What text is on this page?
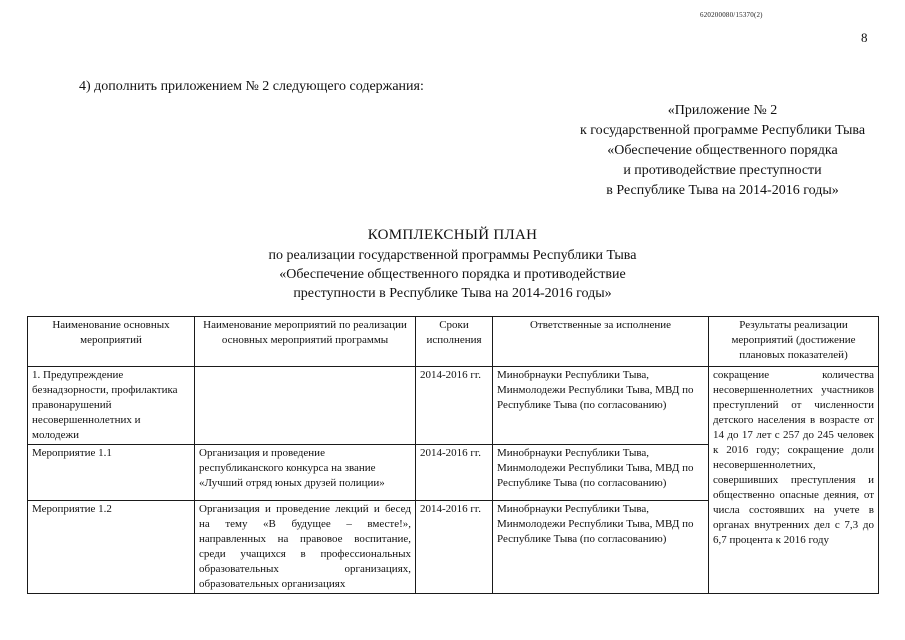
620200080/15370(2)
8
4) дополнить приложением № 2 следующего содержания:
«Приложение № 2
к государственной программе Республики Тыва
«Обеспечение общественного порядка
и противодействие преступности
в Республике Тыва на 2014-2016 годы»
КОМПЛЕКСНЫЙ ПЛАН
по реализации государственной программы Республики Тыва
«Обеспечение общественного порядка и противодействие
преступности в Республике Тыва на 2014-2016 годы»
Наименование основных мероприятий	Наименование мероприятий по реализации основных мероприятий программы	Сроки исполнения	Ответственные за исполнение	Результаты реализации мероприятий (достижение плановых показателей)
1. Предупреждение безнадзорности, профилактика правонарушений несовершеннолетних и молодежи		2014-2016 гг.	Минобрнауки Республики Тыва, Минмолодежи Республики Тыва, МВД по Республике Тыва (по согласованию)	сокращение количества несовершеннолетних участников преступлений от численности детского населения в возрасте от 14 до 17 лет с 257 до 245 человек к 2016 году; сокращение доли несовершеннолетних, совершивших преступления и общественно опасные деяния, от числа состоявших на учете в органах внутренних дел с 7,3 до 6,7 процента к 2016 году
Мероприятие 1.1	Организация и проведение республиканского конкурса на звание «Лучший отряд юных друзей полиции»	2014-2016 гг.	Минобрнауки Республики Тыва, Минмолодежи Республики Тыва, МВД по Республике Тыва (по согласованию)	
Мероприятие 1.2	Организация и проведение лекций и бесед на тему «В будущее – вместе!», направленных на правовое воспитание, среди учащихся в профессиональных образовательных организациях, образовательных организациях	2014-2016 гг.	Минобрнауки Республики Тыва, Минмолодежи Республики Тыва, МВД по Республике Тыва (по согласованию)	
